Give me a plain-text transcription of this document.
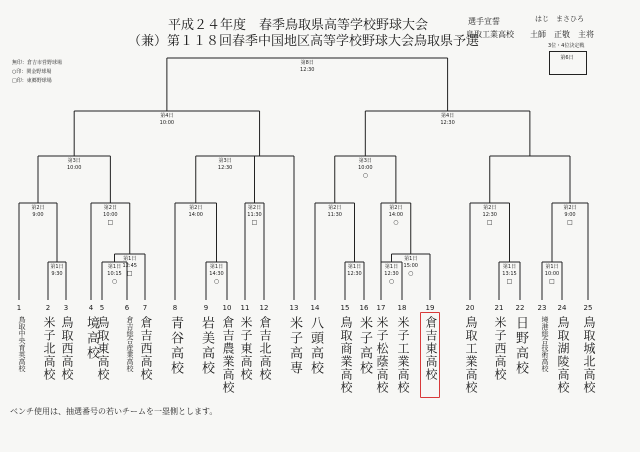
平成２４年度　春季鳥取県高等学校野球大会
（兼）第１１８回春季中国地区高等学校野球大会鳥取県予選
選手宣誓
鳥取工業高校
はじ　まさひろ
土師　正敬　主将
3位・4位決定戦
無印：倉吉市営野球場
○印：関金野球場
□印：東郷野球場
第6日
第1日
9:30
第1日
10:15
○
第1日
12:45
□
第1日
14:30
○
第1日
12:30
第1日
12:30
○
第1日
15:00
○
第1日
13:15
□
第1日
10:00
□
第2日
9:00
第2日
10:00
□
第2日
14:00
第2日
11:30
□
第2日
11:30
第2日
14:00
○
第2日
12:30
□
第2日
9:00
□
第3日
10:00
第3日
12:30
第3日
10:00
○
第4日
10:00
第4日
12:30
第8日
12:30
1
鳥取中央育英高校
2
米子北高校
3
鳥取西高校
4
境高校
5
鳥取東高校
6
倉吉総合産業高校
7
倉吉西高校
8
青谷高校
9
岩美高校
10
倉吉農業高校
11
米子東高校
12
倉吉北高校
13
米子高専
14
八頭高校
15
鳥取商業高校
16
米子高校
17
米子松蔭高校
18
米子工業高校
19
倉吉東高校
20
鳥取工業高校
21
米子西高校
22
日野高校
23
境港総合技術高校
24
鳥取湖陵高校
25
鳥取城北高校
ベンチ使用は、抽選番号の若いチームを一塁側とします。
